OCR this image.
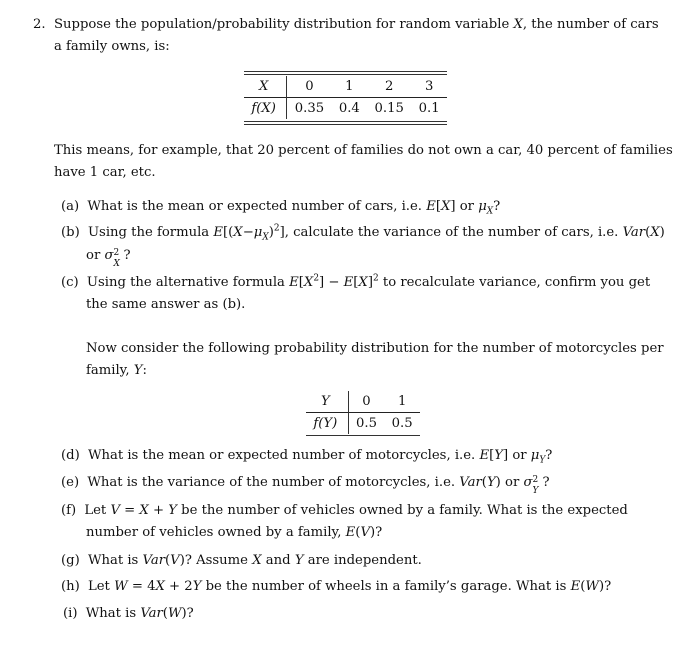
2. Suppose the population/probability distribution for random variable X, the number of cars
a family owns, is:
X	0	1	2	3
f(X)	0.35	0.4	0.15	0.1
This means, for example, that 20 percent of families do not own a car, 40 percent of families
have 1 car, etc.
(a) What is the mean or expected number of cars, i.e. E[X] or $\mu_X$?
(b) Using the formula $E[(X-\mu_X)^2]$, calculate the variance of the number of cars, i.e. Var(X)
or σ 2
X
?
(c) Using the alternative formula $E[X^2] - E[X]^2$ to recalculate variance, confirm you get
the same answer as (b).
Now consider the following probability distribution for the number of motorcycles per
family, Y:
Y	0	1
f(Y)	0.5	0.5
(d) What is the mean or expected number of motorcycles, i.e. E[Y] or $\mu_Y$?
(e) What is the variance of the number of motorcycles, i.e. Var(Y) or σ 2
Y
?
(f) Let V = X + Y be the number of vehicles owned by a family. What is the expected
number of vehicles owned by a family, E(V)?
(g) What is Var(V)? Assume X and Y are independent.
(h) Let W = 4X + 2Y be the number of wheels in a family’s garage. What is E(W)?
(i) What is Var(W)?
